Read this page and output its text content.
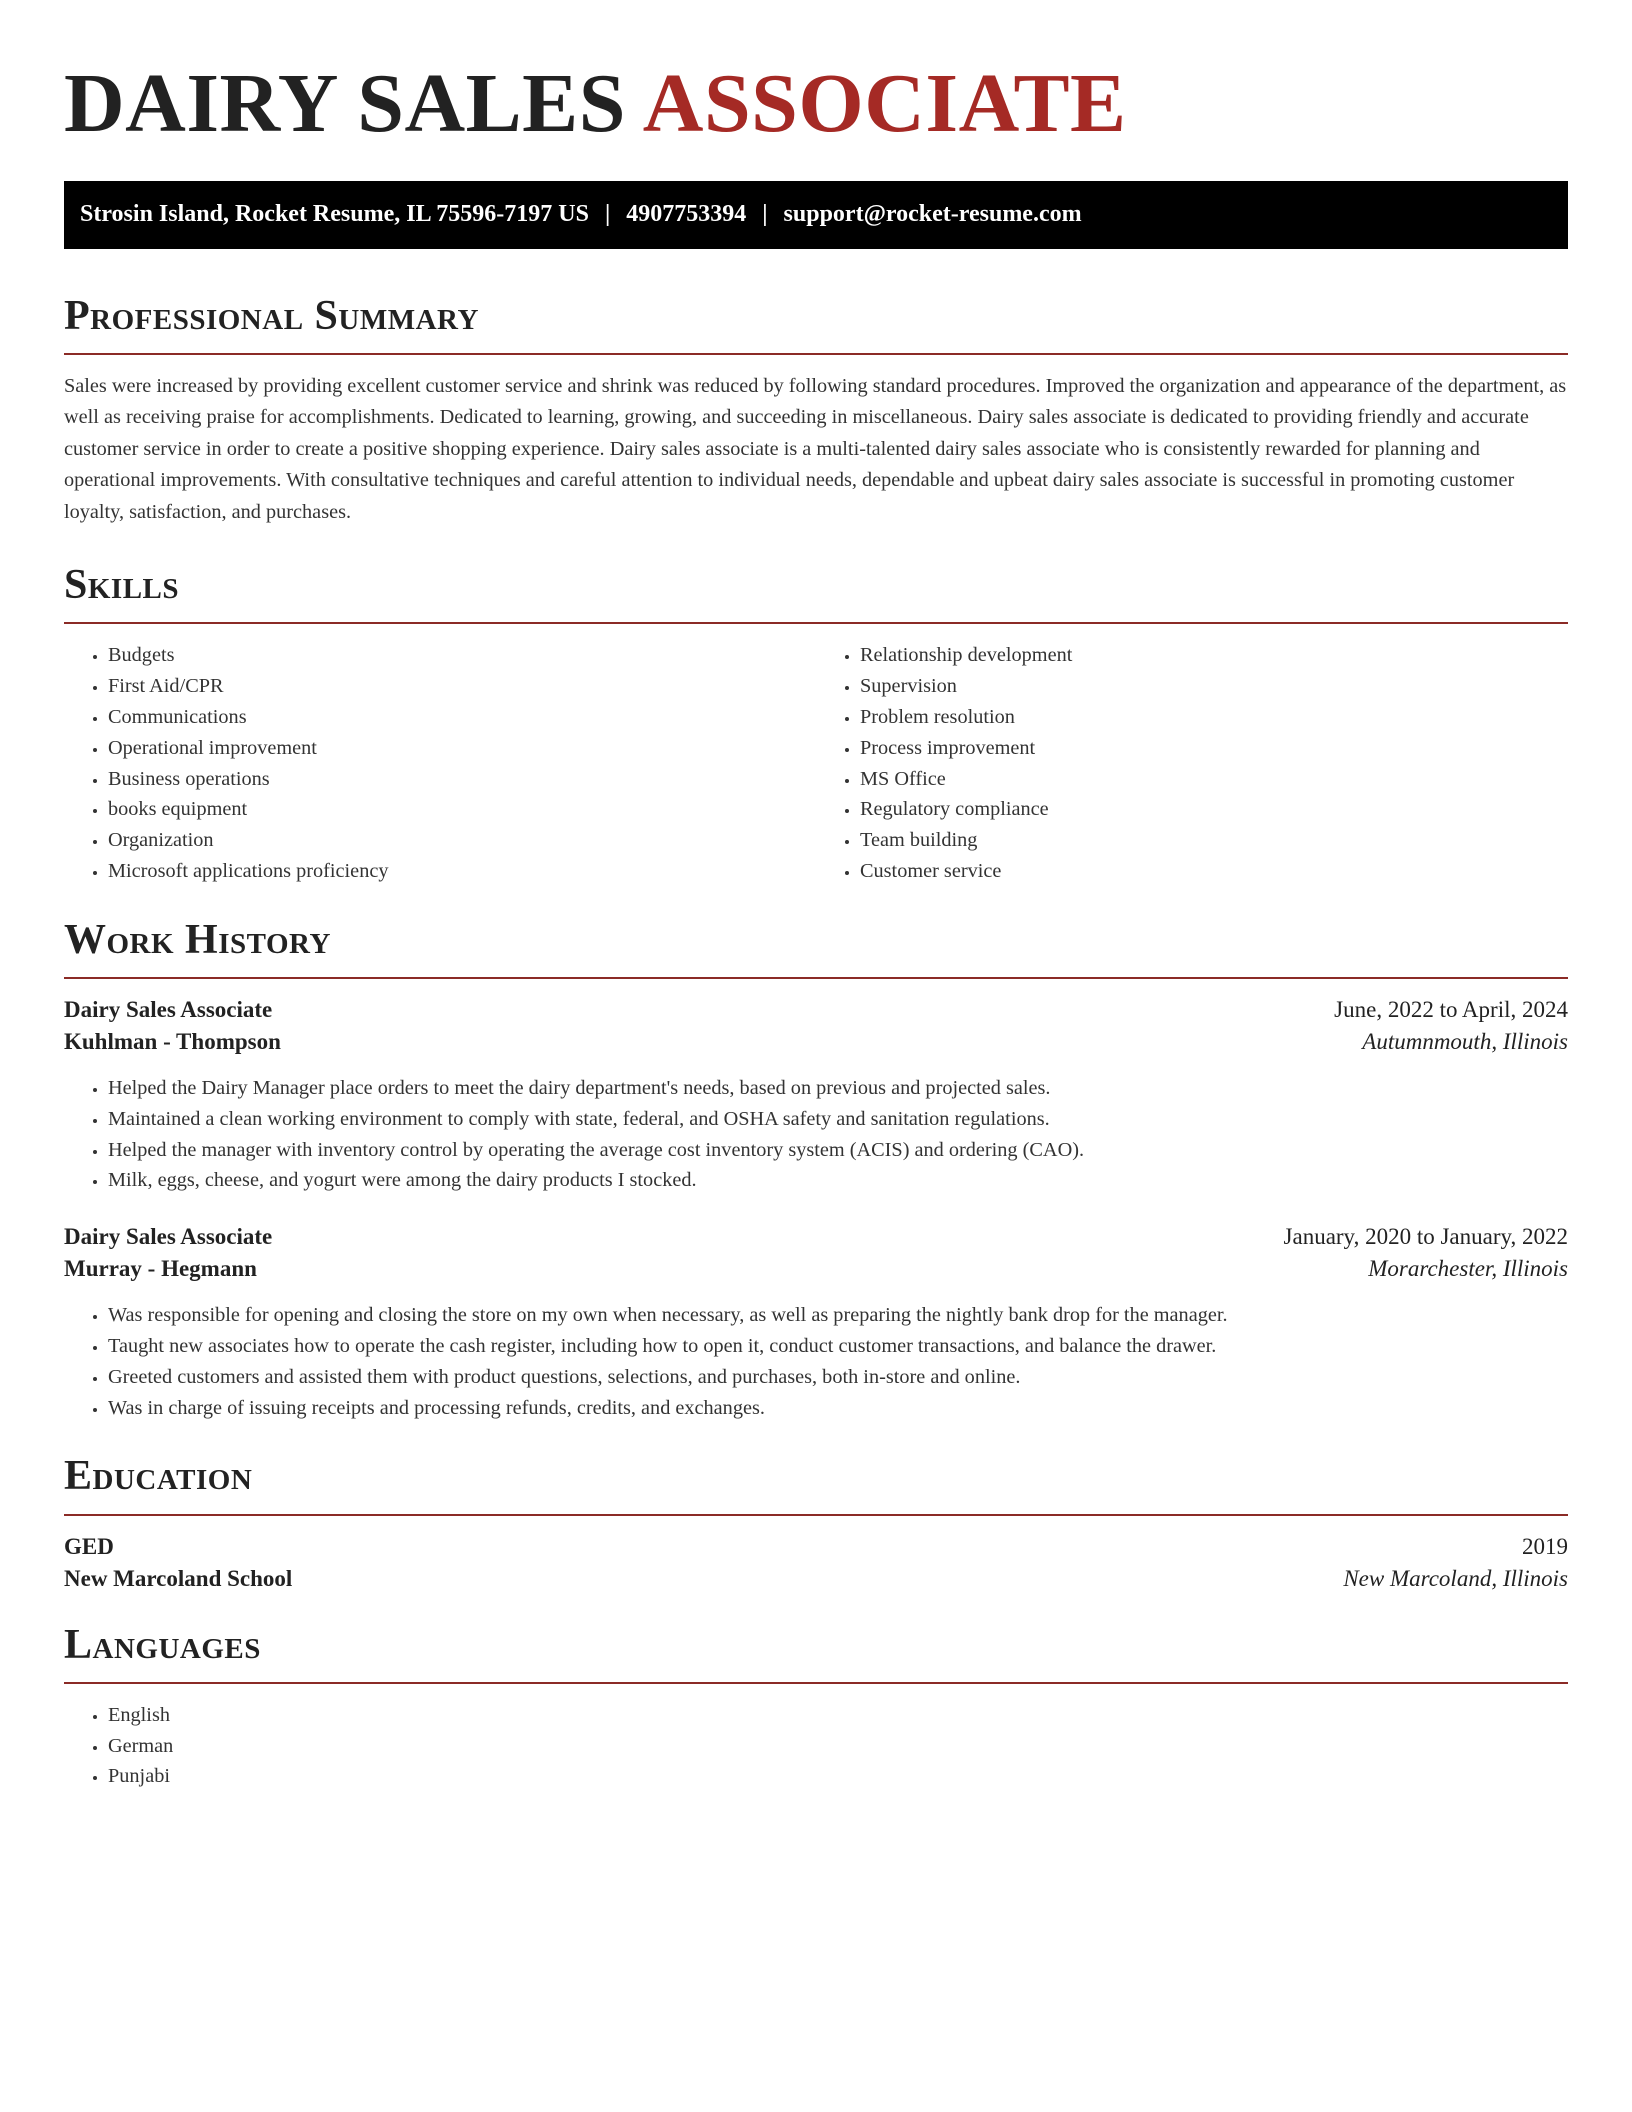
DAIRY SALES ASSOCIATE
Strosin Island, Rocket Resume, IL 75596-7197 US | 4907753394 | support@rocket-resume.com
Professional Summary

Sales were increased by providing excellent customer service and shrink was reduced by following standard procedures. Improved the organization and appearance of the department, as well as receiving praise for accomplishments. Dedicated to learning, growing, and succeeding in miscellaneous. Dairy sales associate is dedicated to providing friendly and accurate customer service in order to create a positive shopping experience. Dairy sales associate is a multi-talented dairy sales associate who is consistently rewarded for planning and operational improvements. With consultative techniques and careful attention to individual needs, dependable and upbeat dairy sales associate is successful in promoting customer loyalty, satisfaction, and purchases.

Skills
• Budgets
• First Aid/CPR
• Communications
• Operational improvement
• Business operations
• books equipment
• Organization
• Microsoft applications proficiency
• Relationship development
• Supervision
• Problem resolution
• Process improvement
• MS Office
• Regulatory compliance
• Team building
• Customer service
Work History
Dairy Sales Associate	June, 2022 to April, 2024
Kuhlman - Thompson	Autumnmouth, Illinois
• Helped the Dairy Manager place orders to meet the dairy department's needs, based on previous and projected sales.
• Maintained a clean working environment to comply with state, federal, and OSHA safety and sanitation regulations.
• Helped the manager with inventory control by operating the average cost inventory system (ACIS) and ordering (CAO).
• Milk, eggs, cheese, and yogurt were among the dairy products I stocked.
Dairy Sales Associate	January, 2020 to January, 2022
Murray - Hegmann	Morarchester, Illinois
• Was responsible for opening and closing the store on my own when necessary, as well as preparing the nightly bank drop for the manager.
• Taught new associates how to operate the cash register, including how to open it, conduct customer transactions, and balance the drawer.
• Greeted customers and assisted them with product questions, selections, and purchases, both in-store and online.
• Was in charge of issuing receipts and processing refunds, credits, and exchanges.
Education
GED	2019
New Marcoland School	New Marcoland, Illinois
Languages
• English
• German
• Punjabi
